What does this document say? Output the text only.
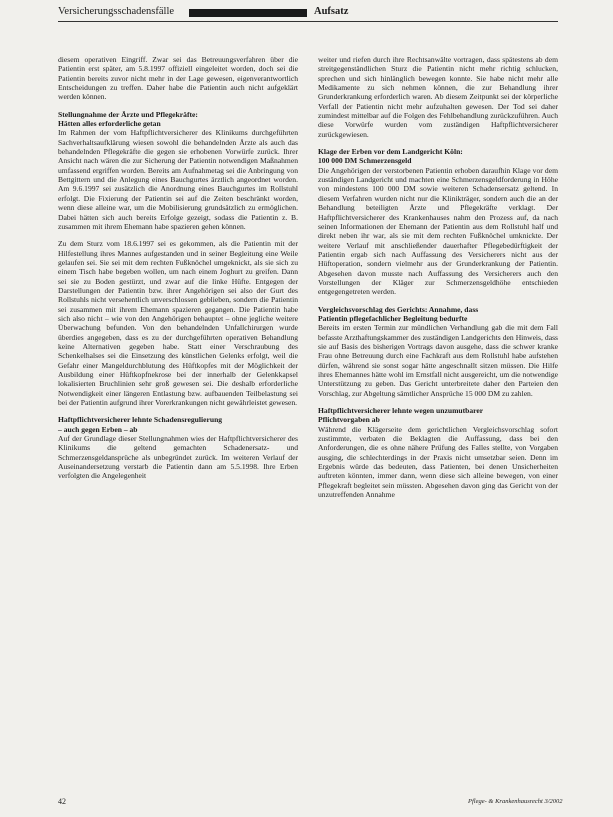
Versicherungsschadensfälle	Aufsatz

diesem operativen Eingriff. Zwar sei das Betreuungsverfahren über die Patientin erst später, am 5.8.1997 offiziell eingeleitet worden, doch sei die Patientin bereits zuvor nicht mehr in der Lage gewesen, eigenverantwortlich Entscheidungen zu treffen. Daher habe die Patientin auch nicht aufgeklärt werden können.

Stellungnahme der Ärzte und Pflegekräfte:
Hätten alles erforderliche getan

Im Rahmen der vom Haftpflichtversicherer des Klinikums durchgeführten Sachverhaltsaufklärung wiesen sowohl die behandelnden Ärzte als auch das behandelnden Pflegekräfte die gegen sie erhobenen Vorwürfe zurück. Ihrer Ansicht nach wären die zur Sicherung der Patientin notwendigen Maßnahmen umfassend ergriffen worden. Bereits am Aufnahmetag sei die Anbringung von Bettgittern und die Anlegung eines Bauchgurtes ärztlich angeordnet worden. Am 9.6.1997 sei zusätzlich die Anordnung eines Bauchgurtes im Rollstuhl erfolgt. Die Fixierung der Patientin sei auf die Zeiten beschränkt worden, wenn diese alleine war, um die Mobilisierung grundsätzlich zu ermöglichen. Dabei hätten sich auch bereits Erfolge gezeigt, sodass die Patientin z. B. zusammen mit ihrem Ehemann habe spazieren gehen können.

Zu dem Sturz vom 18.6.1997 sei es gekommen, als die Patientin mit der Hilfestellung ihres Mannes aufgestanden und in seiner Begleitung eine Weile gelaufen sei. Sie sei mit dem rechten Fußknöchel umgeknickt, als sie sich zu einem Tisch habe begeben wollen, um nach einem Joghurt zu greifen. Dann sei sie zu Boden gestürzt, und zwar auf die linke Hüfte. Entgegen der Darstellungen der Patientin bzw. ihrer Angehörigen sei also der Gurt des Rollstuhls nicht versehentlich unverschlossen geblieben, sondern die Patientin sei zusammen mit ihrem Ehemann spazieren gegangen. Die Patientin habe sich also nicht – wie von den Angehörigen behauptet – ohne jegliche weitere Überwachung befunden. Von den behandelnden Unfallchirurgen wurde überdies angegeben, dass es zu der durchgeführten operativen Behandlung keine Alternativen gegeben habe. Statt einer Verschraubung des Schenkelhalses sei die Einsetzung des künstlichen Gelenks erfolgt, weil die Gefahr einer Mangeldurchblutung des Hüftkopfes mit der Möglichkeit der Ausbildung einer Hüftkopfnekrose bei der innerhalb der Gelenkkapsel lokalisierten Bruchlinien sehr groß gewesen sei. Die deshalb erforderliche Notwendigkeit einer längeren Entlastung bzw. aufbauenden Teilbelastung sei bei der Patientin aufgrund ihrer Vorerkrankungen nicht gewährleistet gewesen.

Haftpflichtversicherer lehnte Schadensregulierung
– auch gegen Erben – ab

Auf der Grundlage dieser Stellungnahmen wies der Haftpflichtversicherer des Klinikums die geltend gemachten Schadenersatz- und Schmerzensgeldansprüche als unbegründet zurück. Im weiteren Verlauf der Auseinandersetzung verstarb die Patientin dann am 5.5.1998. Ihre Erben verfolgten die Angelegenheit

weiter und riefen durch ihre Rechtsanwälte vortragen, dass spätestens ab dem streitgegenständlichen Sturz die Patientin nicht mehr richtig schlucken, sprechen und sich hinlänglich bewegen konnte. Sie habe nicht mehr alle Medikamente zu sich nehmen können, die zur Behandlung ihrer Grunderkrankung erforderlich waren. Ab diesem Zeitpunkt sei der körperliche Verfall der Patientin nicht mehr aufzuhalten gewesen. Der Tod sei daher zumindest mittelbar auf die Folgen des Fehlbehandlung zurückzuführen. Auch diese Vorwürfe wurden vom zuständigen Haftpflichtversicherer zurückgewiesen.

Klage der Erben vor dem Landgericht Köln:
100 000 DM Schmerzensgeld

Die Angehörigen der verstorbenen Patientin erhoben daraufhin Klage vor dem zuständigen Landgericht und machten eine Schmerzensgeldforderung in Höhe von mindestens 100 000 DM sowie weiteren Schadensersatz geltend. In diesem Verfahren wurden nicht nur die Klinikträger, sondern auch die an der Behandlung beteiligten Ärzte und Pflegekräfte verklagt. Der Haftpflichtversicherer des Krankenhauses nahm den Prozess auf, da nach seinen Informationen der Ehemann der Patientin aus dem Rollstuhl half und direkt neben ihr war, als sie mit dem rechten Fußknöchel umknickte. Der weitere Verlauf mit anschließender dauerhafter Pflegebedürftigkeit der Patientin ergab sich nach Auffassung des Versicherers nicht aus der Hüftoperation, sondern vielmehr aus der Grunderkrankung der Patientin. Abgesehen davon musste nach Auffassung des Versicherers auch den Vorstellungen der Kläger zur Schmerzensgeldhöhe entschieden entgegengetreten werden.

Vergleichsvorschlag des Gerichts: Annahme, dass
Patientin pflegefachlicher Begleitung bedurfte

Bereits im ersten Termin zur mündlichen Verhandlung gab die mit dem Fall befasste Arzthaftungskammer des zuständigen Landgerichts den Hinweis, dass sie auf Basis des bisherigen Vortrags davon ausgehe, dass die schwer kranke Frau ohne Betreuung durch eine Fachkraft aus dem Rollstuhl habe aufstehen dürfen, während sie sonst sogar hätte angeschnallt sitzen müssen. Die Hilfe ihres Ehemannes hätte wohl im Ernstfall nicht ausgereicht, um die notwendige Unterstützung zu geben. Das Gericht unterbreitete daher den Parteien den Vorschlag, zur Abgeltung sämtlicher Ansprüche 15 000 DM zu zahlen.

Haftpflichtversicherer lehnte wegen unzumutbarer
Pflichtvorgaben ab

Während die Klägerseite dem gerichtlichen Vergleichsvorschlag sofort zustimmte, verbaten die Beklagten die Auffassung, dass bei den Anforderungen, die es ohne nähere Prüfung des Falles stellte, von Vorgaben ausging, die schlechterdings in der Praxis nicht umsetzbar seien. Denn im Ergebnis würde das bedeuten, dass Patienten, bei denen Unsicherheiten auftreten könnten, immer dann, wenn diese sich alleine bewegen, von einer Pflegekraft begleitet sein müssten. Abgesehen davon ging das Gericht von der unzutreffenden Annahme

42	Pflege- & Krankenhausrecht 3/2002
